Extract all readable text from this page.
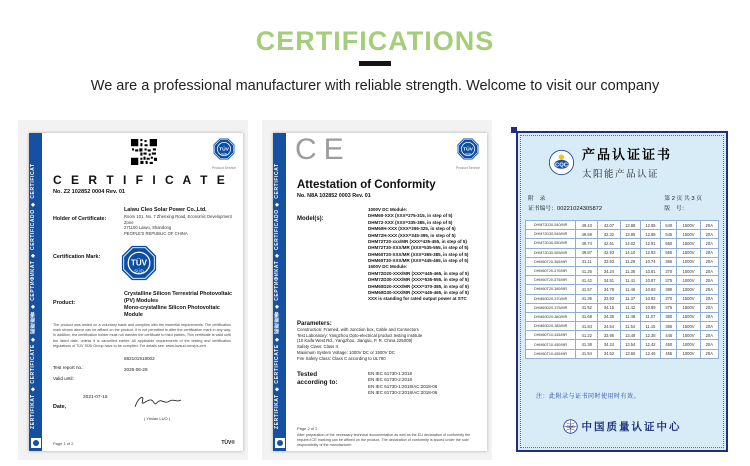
CERTIFICATIONS
We are a professional manufacturer with reliable strength. Welcome to visit our company
ZERTIFIKAT ◆ CERTIFICATE ◆ 認證證書 ◆ СЕРТИФИКАТ ◆ CERTIFICADO ◆ CERTIFICAT
TÜV
SÜD
Product Service
C E R T I F I C A T E
No. Z2 102852 0004 Rev. 01
Holder of Certificate:
Laiwu Cleo Solar Power Co.,Ltd.
Room 101, No. 7 Zhenxing Road, Economic Development Zone
271100 Laiwu, Shandong
PEOPLE'S REPUBLIC OF CHINA
Certification Mark:
TÜV
SÜD
Product:
Crystalline Silicon Terrestrial Photovoltaic (PV) Modules
Mono-crystalline Silicon Photovoltaic Module
The product was tested on a voluntary basis and complies with the essential requirements. The certification mark shown above can be affixed on the product. It is not permitted to alter the certification mark in any way. In addition, the certification holder must not transfer the certificate to third parties. This certificate is valid until the listed date, unless it is cancelled earlier. All applicable requirements of the testing and certification regulations of TÜV SÜD Group have to be complied. For details see: www.tuvsud.com/ps-cert
Test report no.:
682101918002
Valid until:
2026-06-29
Date,
2021-07-15
( Yimian LUO )
Page 1 of 2	TÜV®
ZERTIFIKAT ◆ CERTIFICATE ◆ 認證證書 ◆ СЕРТИФИКАТ ◆ CERTIFICADO ◆ CERTIFICAT
CE	TÜV
SÜD
Product Service
Attestation of Conformity
No. N8A 102852 0003 Rev. 01
Model(s):
1000V DC Module:
DHM60-XXX (XXX=275-315, in step of 5)
DHM72-XXX (XXX=335-385, in step of 5)
DHM60H-XXX (XXX=295-325, in step of 5)
DHM72H-XXX (XXX=345-395, in step of 5)
DHM72T20-xxx/MR (XXX=435-455, in step of 5)
DHM72T30-XXX/MR (XXX=535-555, in step of 5)
DHM60T20-XXX/MR (XXX=365-385, in step of 5)
DHM60T30-XXX/MR (XXX=445-465, in step of 5)
1500V DC Module:
DHM72D20-XXX/MR (XXX=445-465, in step of 5)
DHM72D30-XXX/MR (XXX=535-555, in step of 5)
DHM60D20-XXX/MR (XXX=370-385, in step of 5)
DHM60D30-XXX/MR (XXX=445-465, in step of 5)
XXX is standing for rated output power at STC
Parameters:
Construction: Framed, with Junction box, Cable and Connectors
Test Laboratory: Yangzhou Opto-electrical product testing institute
(10 Kaifa West Rd., Yangzhou, Jiangsu, P. R. China 225009)
Safety Class: Class II
Maximum System Voltage: 1000V DC or 1500V DC
Fire Safety Class: Class C according to UL790
Tested
according to:
EN IEC 61730-1:2018
EN IEC 61730-2:2018
EN IEC 61730-1:2018/AC:2018-06
EN IEC 61730-2:2018/AC:2018-06
Page 2 of 2
After preparation of the necessary technical documentation as well as the EU declaration of conformity the required CE marking can be affixed on the product. The declaration of conformity is issued under the sole responsibility of the manufacturer.
CQC
产品认证证书
太阳能产品认证
附　录
证书编号：00221024305872
第 2 页 共 3 页
版　号：
DHM72D30-540/MR	49.43	42.07	13.88	12.85	540	1500V	20A
DHM72D30-545/MR	49.59	42.32	13.95	12.88	545	1500V	20A
DHM72D30-550/MR	49.74	42.61	14.02	12.91	550	1500V	20A
DHM72D30-555/MR	49.87	42.93	14.10	12.93	555	1500V	20A
DHM60T20-365/MR	41.11	33.93	11.29	10.74	365	1000V	20A
DHM60T20-370/MR	41.26	34.24	11.35	10.81	370	1000V	20A
DHM60T20-375/MR	41.42	34.51	11.41	10.87	375	1000V	20A
DHM60T20-380/MR	41.57	34.78	11.46	10.93	380	1000V	20A
DHM60D20-370/MR	41.36	33.93	11.37	10.92	370	1500V	20A
DHM60D20-375/MR	41.52	34.15	11.42	10.99	375	1500V	20A
DHM60D20-380/MR	41.68	34.35	11.48	11.07	380	1500V	20A
DHM60D20-385/MR	41.84	34.54	11.54	11.15	385	1500V	20A
DHM60T10-445/MR	41.22	33.95	13.48	12.38	445	1000V	20A
DHM60T10-450/MR	41.38	34.24	13.54	12.42	450	1000V	20A
DHM60T10-455/MR	41.54	34.52	13.60	12.46	455	1000V	20A
注：此附录与证书同时使用时有效。
CQC 中国质量认证中心
